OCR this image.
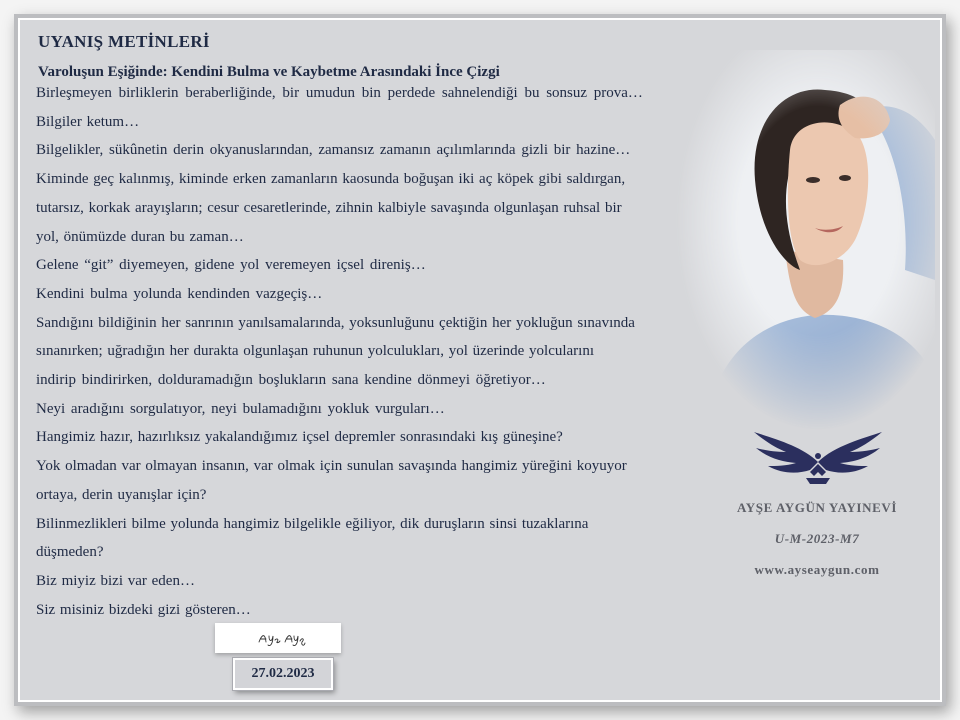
UYANIŞ METİNLERİ
Varoluşun Eşiğinde: Kendini Bulma ve Kaybetme Arasındaki İnce Çizgi

Birleşmeyen birliklerin beraberliğinde, bir umudun bin perdede sahnelendiği bu sonsuz prova…

Bilgiler ketum…

Bilgelikler, sükûnetin derin okyanuslarından, zamansız zamanın açılımlarında gizli bir hazine…

Kiminde geç kalınmış, kiminde erken zamanların kaosunda boğuşan iki aç köpek gibi saldırgan,

tutarsız, korkak arayışların; cesur cesaretlerinde, zihnin kalbiyle savaşında olgunlaşan ruhsal bir

yol, önümüzde duran bu zaman…

Gelene “git” diyemeyen, gidene yol veremeyen içsel direniş…

Kendini bulma yolunda kendinden vazgeçiş…

Sandığını bildiğinin her sanrının yanılsamalarında, yoksunluğunu çektiğin her yokluğun sınavında

sınanırken; uğradığın her durakta olgunlaşan ruhunun yolculukları, yol üzerinde yolcularını

indirip bindirirken, dolduramadığın boşlukların sana kendine dönmeyi öğretiyor…

Neyi aradığını sorgulatıyor, neyi bulamadığını yokluk vurguları…

Hangimiz hazır, hazırlıksız yakalandığımız içsel depremler sonrasındaki kış güneşine?

Yok olmadan var olmayan insanın, var olmak için sunulan savaşında hangimiz yüreğini koyuyor

ortaya, derin uyanışlar için?

Bilinmezlikleri bilme yolunda hangimiz bilgelikle eğiliyor, dik duruşların sinsi tuzaklarına

düşmeden?

Biz miyiz bizi var eden…

Siz misiniz bizdeki gizi gösteren…

AYŞE AYGÜN YAYINEVİ
U-M-2023-M7
www.ayseaygun.com
27.02.2023
